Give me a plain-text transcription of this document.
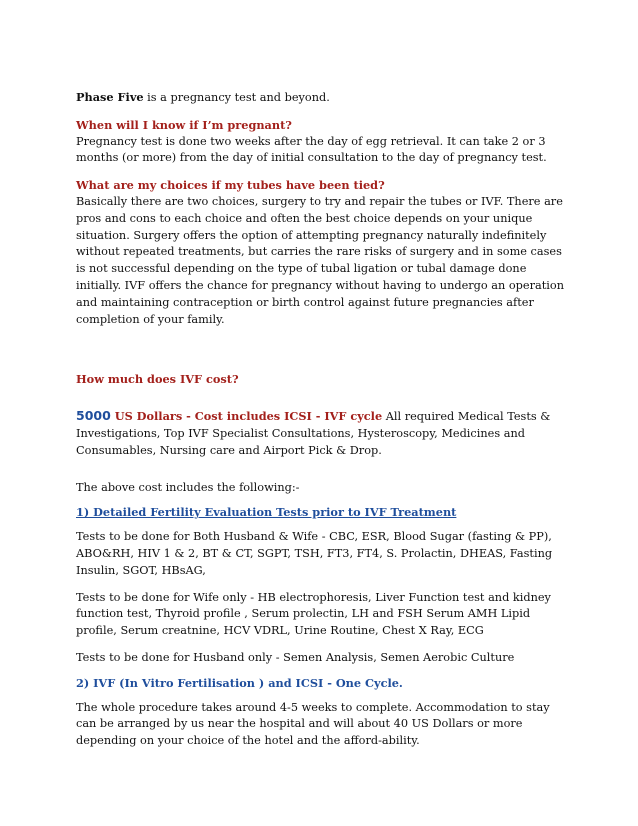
Phase Five is a pregnancy test and beyond.

When will I know if I’m pregnant?

Pregnancy test is done two weeks after the day of egg retrieval. It can take 2 or 3 months (or more) from the day of initial consultation to the day of pregnancy test.

What are my choices if my tubes have been tied?

Basically there are two choices, surgery to try and repair the tubes or IVF. There are pros and cons to each choice and often the best choice depends on your unique situation. Surgery offers the option of attempting pregnancy naturally indefinitely without repeated treatments, but carries the rare risks of surgery and in some cases is not successful depending on the type of tubal ligation or tubal damage done initially. IVF offers the chance for pregnancy without having to undergo an operation and maintaining contraception or birth control against future pregnancies after completion of your family.

How much does IVF cost?

5000 US Dollars - Cost includes ICSI - IVF cycle All required Medical Tests & Investigations, Top IVF Specialist Consultations, Hysteroscopy, Medicines and Consumables, Nursing care and Airport Pick & Drop.

The above cost includes the following:-

1) Detailed Fertility Evaluation Tests prior to IVF Treatment

Tests to be done for Both Husband & Wife - CBC, ESR, Blood Sugar (fasting & PP), ABO&RH, HIV 1 & 2, BT & CT, SGPT, TSH, FT3, FT4, S. Prolactin, DHEAS, Fasting Insulin, SGOT, HBsAG,

Tests to be done for Wife only - HB electrophoresis, Liver Function test and kidney function test, Thyroid profile , Serum prolectin, LH and FSH Serum AMH Lipid profile, Serum creatnine, HCV VDRL, Urine Routine, Chest X Ray, ECG

Tests to be done for Husband only - Semen Analysis, Semen Aerobic Culture

2) IVF (In Vitro Fertilisation ) and ICSI - One Cycle.

The whole procedure takes around 4-5 weeks to complete. Accommodation to stay can be arranged by us near the hospital and will about 40 US Dollars or more depending on your choice of the hotel and the afford-ability.
